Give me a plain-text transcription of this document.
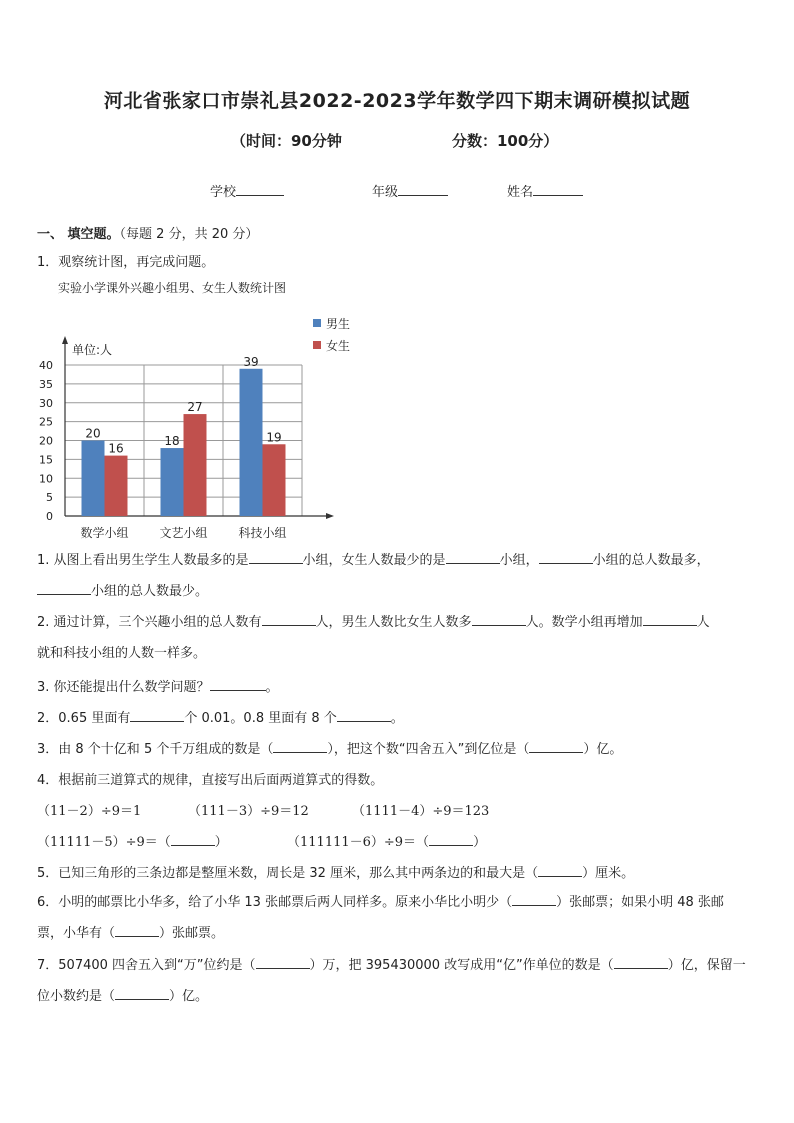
河北省张家口市崇礼县2022-2023学年数学四下期末调研模拟试题
（时间：90分钟	分数：100分）
学校	年级	姓名
一、 填空题。（每题 2 分，共 20 分）
1．观察统计图，再完成问题。
实验小学课外兴趣小组男、女生人数统计图
0
5
10
15
20
25
30
35
40
20
16
18
27
39
19
数学小组	文艺小组	科技小组
单位:人
男生
女生
1. 从图上看出男生学生人数最多的是	小组，女生人数最少的是	小组，	小组的总人数最多，
小组的总人数最少。
2. 通过计算，三个兴趣小组的总人数有	人，男生人数比女生人数多	人。数学小组再增加	人
就和科技小组的人数一样多。
3. 你还能提出什么数学问题？	。
2．0.65 里面有	个 0.01。0.8 里面有 8 个	。
3．由 8 个十亿和 5 个千万组成的数是（	），把这个数“四舍五入”到亿位是（	）亿。
4．根据前三道算式的规律，直接写出后面两道算式的得数。
（11－2）÷9＝1	（111－3）÷9＝12	（1111－4）÷9＝123
（11111－5）÷9＝（	）	（111111－6）÷9＝（	）
5．已知三角形的三条边都是整厘米数，周长是 32 厘米，那么其中两条边的和最大是（	）厘米。
6．小明的邮票比小华多，给了小华 13 张邮票后两人同样多。原来小华比小明少（	）张邮票；如果小明 48 张邮
票，小华有（	）张邮票。
7．507400 四舍五入到“万”位约是（	）万，把 395430000 改写成用“亿”作单位的数是（	）亿，保留一
位小数约是（	）亿。
